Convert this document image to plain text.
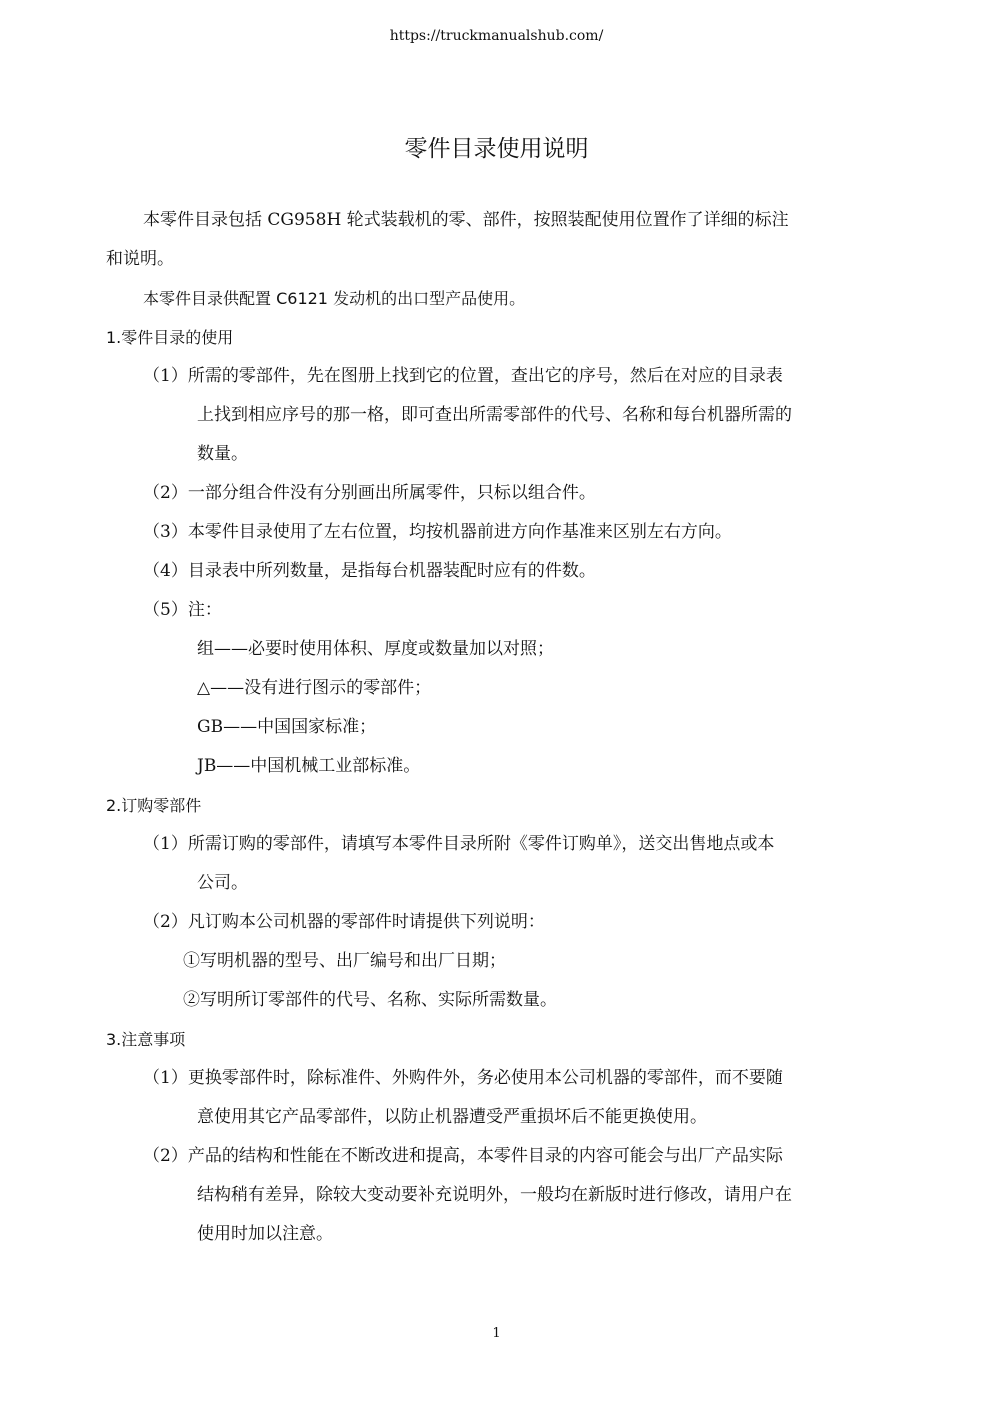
https://truckmanualshub.com/
零件目录使用说明
本零件目录包括 CG958H 轮式装载机的零、部件，按照装配使用位置作了详细的标注
和说明。
本零件目录供配置 C6121 发动机的出口型产品使用。
1.零件目录的使用
（1）所需的零部件，先在图册上找到它的位置，查出它的序号，然后在对应的目录表
上找到相应序号的那一格，即可查出所需零部件的代号、名称和每台机器所需的
数量。
（2）一部分组合件没有分别画出所属零件，只标以组合件。
（3）本零件目录使用了左右位置，均按机器前进方向作基准来区别左右方向。
（4）目录表中所列数量，是指每台机器装配时应有的件数。
（5）注：
组——必要时使用体积、厚度或数量加以对照；
△——没有进行图示的零部件；
GB——中国国家标准；
JB——中国机械工业部标准。
2.订购零部件
（1）所需订购的零部件，请填写本零件目录所附《零件订购单》，送交出售地点或本
公司。
（2）凡订购本公司机器的零部件时请提供下列说明：
①写明机器的型号、出厂编号和出厂日期；
②写明所订零部件的代号、名称、实际所需数量。
3.注意事项
（1）更换零部件时，除标准件、外购件外，务必使用本公司机器的零部件，而不要随
意使用其它产品零部件，以防止机器遭受严重损坏后不能更换使用。
（2）产品的结构和性能在不断改进和提高，本零件目录的内容可能会与出厂产品实际
结构稍有差异，除较大变动要补充说明外，一般均在新版时进行修改，请用户在
使用时加以注意。
1
